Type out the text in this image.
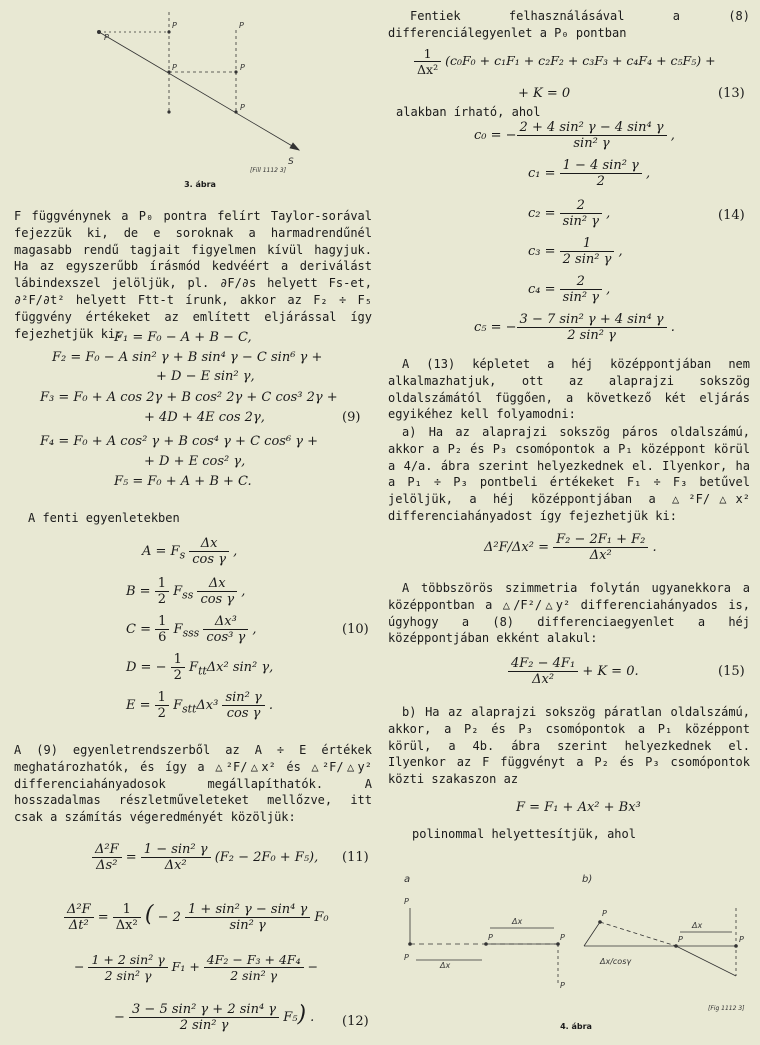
P
P	P
P	P
P
S
[Fill 1112 3]
3. ábra

F függvénynek a P₀ pontra felírt Taylor-sorával fejezzük ki, de e soroknak a harmadrendűnél magasabb rendű tagjait figyelmen kívül hagyjuk. Ha az egyszerűbb írásmód kedvéért a deriválást lábindexszel jelöljük, pl. ∂F/∂s helyett Fs-et, ∂²F/∂t² helyett Ftt-t írunk, akkor az F₂ ÷ F₅ függvény értékeket az említett eljárással így fejezhetjük ki:

F₁ = F₀ − A + B − C,
F₂ = F₀ − A sin² γ + B sin⁴ γ − C sin⁶ γ +
+ D − E sin² γ,
F₃ = F₀ + A cos 2γ + B cos² 2γ + C cos³ 2γ +
+ 4D + 4E cos 2γ,
F₄ = F₀ + A cos² γ + B cos⁴ γ + C cos⁶ γ +
+ D + E cos² γ,
F₅ = F₀ + A + B + C.
(9)

A fenti egyenletekben

$A = F_s \frac{\Delta x}{\text{cos γ}}$ ,
$B = \frac{1}{2} F_{ss} \frac{\Delta x}{\text{cos γ}}$ ,
$C = \frac{1}{6} F_{sss} \frac{\text{Δx³}}{\text{cos³ γ}}$ ,
D = − $\frac{1}{2} F_{tt}\Delta x^2$ sin² γ,
$E = \frac{1}{2} F_{stt}\Delta x^3 \frac{\text{sin² γ}}{\text{cos γ}}$ .
(10)

A (9) egyenletrendszerből az A ÷ E értékek meghatározhatók, és így a △²F/△x² és △²F/△y² differenciahányadosok megállapíthatók. A hosszadalmas részletműveleteket mellőzve, itt csak a számítás végeredményét közöljük:

$\frac{\text{Δ²F}}{\text{Δs²}} = \frac{\text{1 − sin² γ}}{\text{Δx²}} (F_2 - 2F_0 + F_5)$, (11)
$\frac{\text{Δ²F}}{\text{Δt²}} = \frac{1}{\text{Δx²}}$ ( − $2 \frac{\text{1 + sin² γ − sin⁴ γ}}{\text{sin² γ}} F_0$
− $\frac{\text{1 + 2 sin² γ}}{\text{2 sin² γ}} F_1 + \frac{\text{4F₂ − F₃ + 4F₄}}{\text{2 sin² γ}}$ −
− $\frac{\text{3 − 5 sin² γ + 2 sin⁴ γ}}{\text{2 sin² γ}} F_5$) . (12)

Fentiek felhasználásával a (8) differenciálegyenlet a P₀ pontban

$\frac{1}{\text{Δx²}} (c_0F_0 + c_1F_1 + c_2F_2 + c_3F_3 + c_4F_4 + c_5F_5)$ +
+ K = 0	(13)

alakban írható, ahol

c₀ = − $\frac{\text{2 + 4 sin² γ − 4 sin⁴ γ}}{\text{sin² γ}}$ ,
$c_1 = \frac{\text{1 − 4 sin² γ}}{2}$ ,
$c_2 = \frac{2}{\text{sin² γ}}$ ,
$c_3 = \frac{1}{\text{2 sin² γ}}$ ,
$c_4 = \frac{2}{\text{sin² γ}}$ ,
c₅ = − $\frac{\text{3 − 7 sin² γ + 4 sin⁴ γ}}{\text{2 sin² γ}}$ .
(14)

A (13) képletet a héj középpontjában nem alkalmazhatjuk, ott az alaprajzi sokszög oldalszámától függően, a következő két eljárás egyikéhez kell folyamodni:

a) Ha az alaprajzi sokszög páros oldalszámú, akkor a P₂ és P₃ csomópontok a P₁ középpont körül a 4/a. ábra szerint helyezkednek el. Ilyenkor, ha a P₁ ÷ P₃ pontbeli értékeket F₁ ÷ F₃ betűvel jelöljük, a héj középpontjában a △²F/△x² differenciahányadost így fejezhetjük ki:

$\Delta^2F/\Delta x^2 = \frac{\text{F₂ − 2F₁ + F₂}}{\text{Δx²}}$ .

A többszörös szimmetria folytán ugyanekkora a középpontban a △/F²/△y² differenciahányados is, úgyhogy a (8) differenciaegyenlet a héj középpontjában ekként alakul:

$\frac{\text{4F₂ − 4F₁}}{\text{Δx²}} + K = 0$.	(15)

b) Ha az alaprajzi sokszög páratlan oldalszámú, akkor, a P₂ és P₃ csomópontok a P₁ középpont körül, a 4b. ábra szerint helyezkednek el. Ilyenkor az F függvényt a P₂ és P₃ csomópontok közti szakaszon az

F = F₁ + Ax² + Bx³

polinommal helyettesítjük, ahol

a	b)
Δx
Δx
Δx
Δx/cosγ
P
P
P	P
P
P
P	P
[Fig 1112 3]
4. ábra
